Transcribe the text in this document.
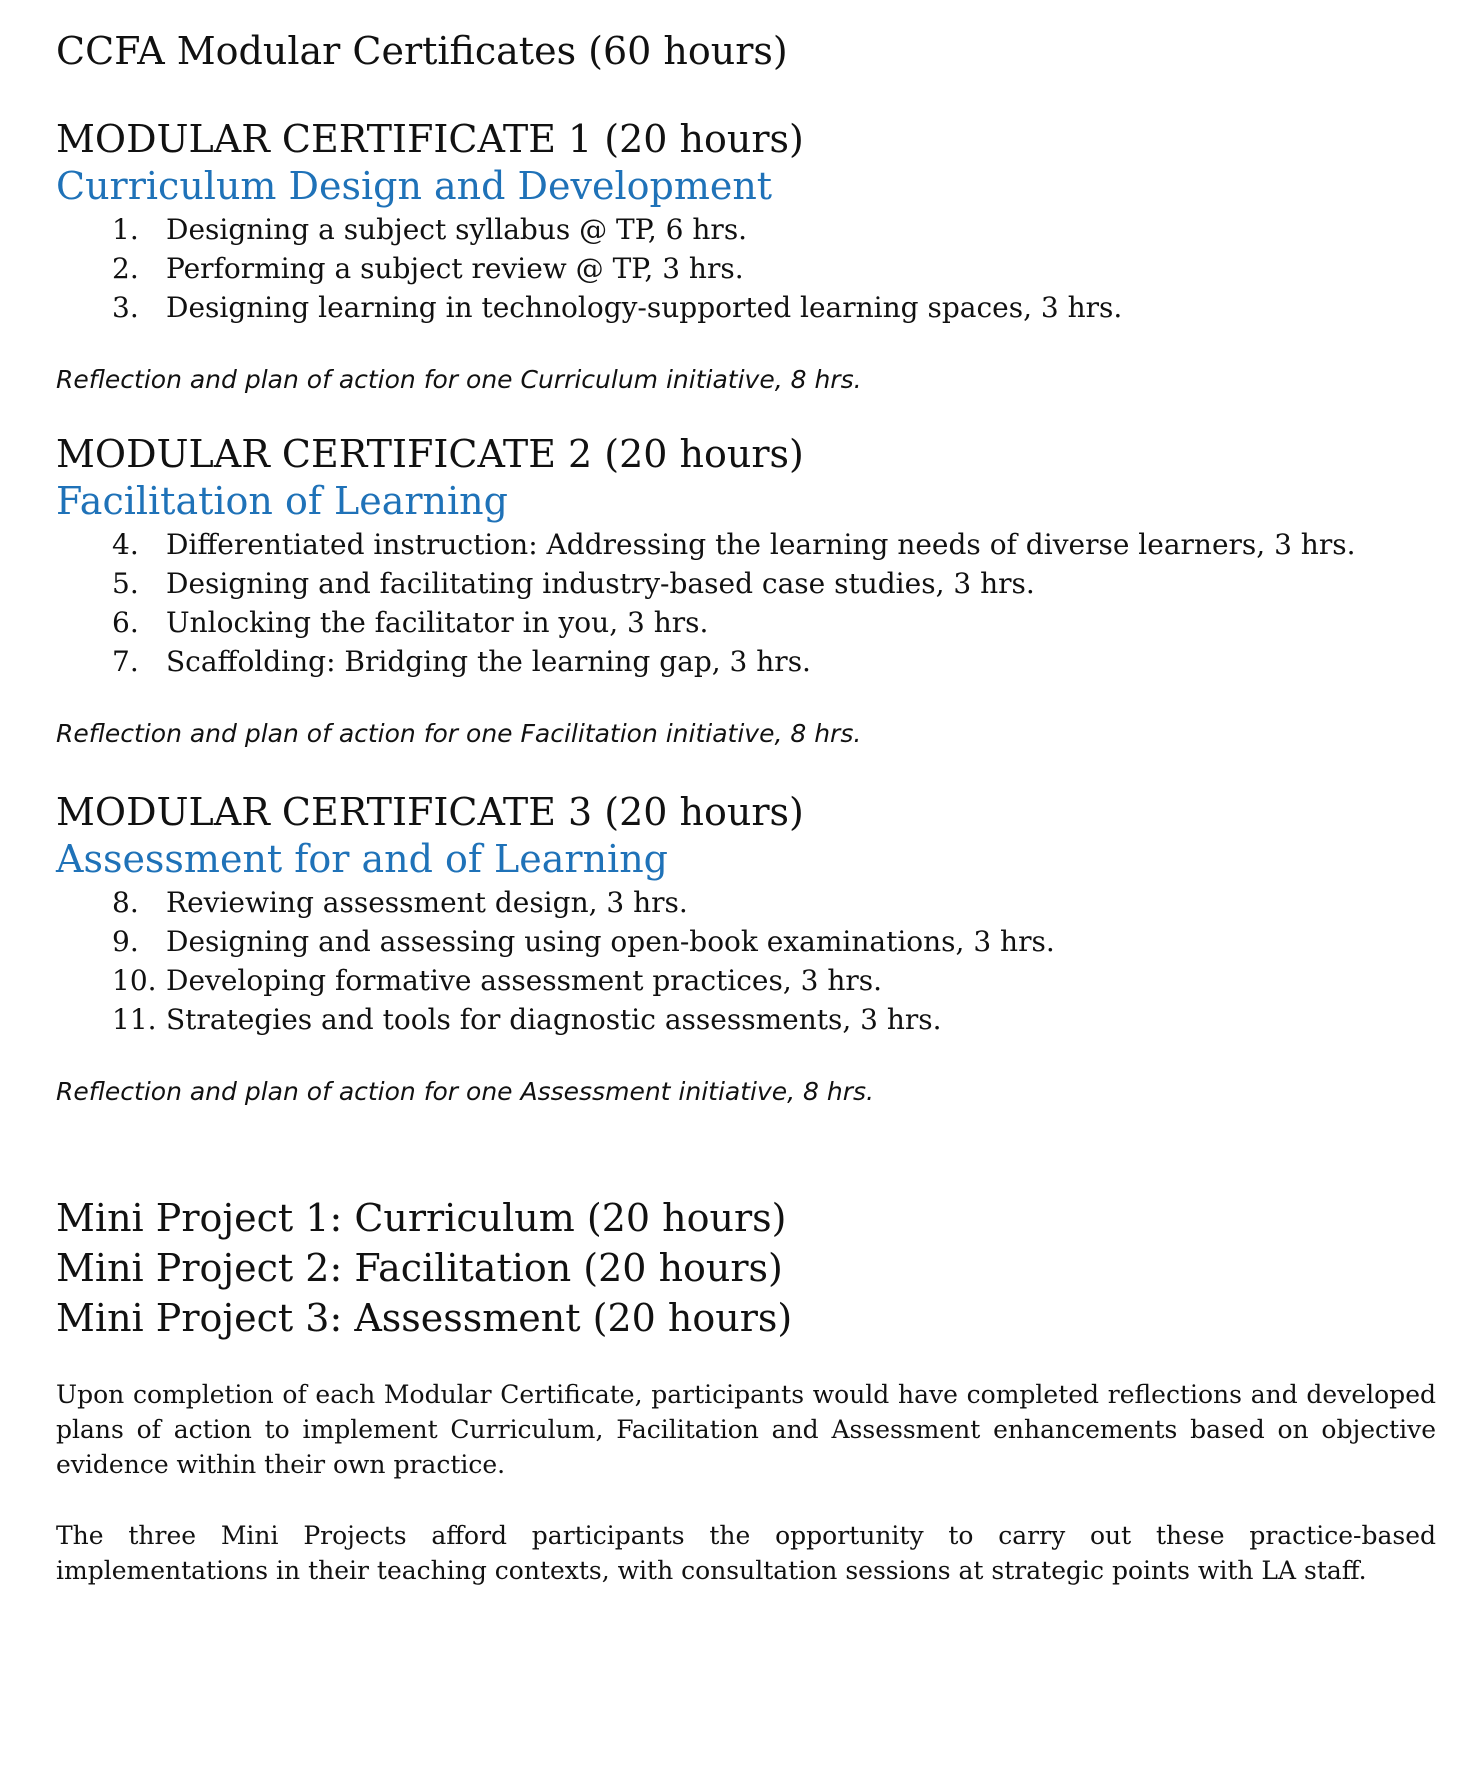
CCFA Modular Certificates (60 hours)
MODULAR CERTIFICATE 1 (20 hours)
Curriculum Design and Development
1. Designing a subject syllabus @ TP, 6 hrs.
2. Performing a subject review @ TP, 3 hrs.
3. Designing learning in technology-supported learning spaces, 3 hrs.

Reflection and plan of action for one Curriculum initiative, 8 hrs.

MODULAR CERTIFICATE 2 (20 hours)
Facilitation of Learning
4. Differentiated instruction: Addressing the learning needs of diverse learners, 3 hrs.
5. Designing and facilitating industry-based case studies, 3 hrs.
6. Unlocking the facilitator in you, 3 hrs.
7. Scaffolding: Bridging the learning gap, 3 hrs.

Reflection and plan of action for one Facilitation initiative, 8 hrs.

MODULAR CERTIFICATE 3 (20 hours)
Assessment for and of Learning
8. Reviewing assessment design, 3 hrs.
9. Designing and assessing using open-book examinations, 3 hrs.
10. Developing formative assessment practices, 3 hrs.
11. Strategies and tools for diagnostic assessments, 3 hrs.

Reflection and plan of action for one Assessment initiative, 8 hrs.

Mini Project 1: Curriculum (20 hours)

Mini Project 2: Facilitation (20 hours)

Mini Project 3: Assessment (20 hours)

Upon completion of each Modular Certificate, participants would have completed reflections and developed plans of action to implement Curriculum, Facilitation and Assessment enhancements based on objective evidence within their own practice.

The three Mini Projects afford participants the opportunity to carry out these practice-based implementations in their teaching contexts, with consultation sessions at strategic points with LA staff.
